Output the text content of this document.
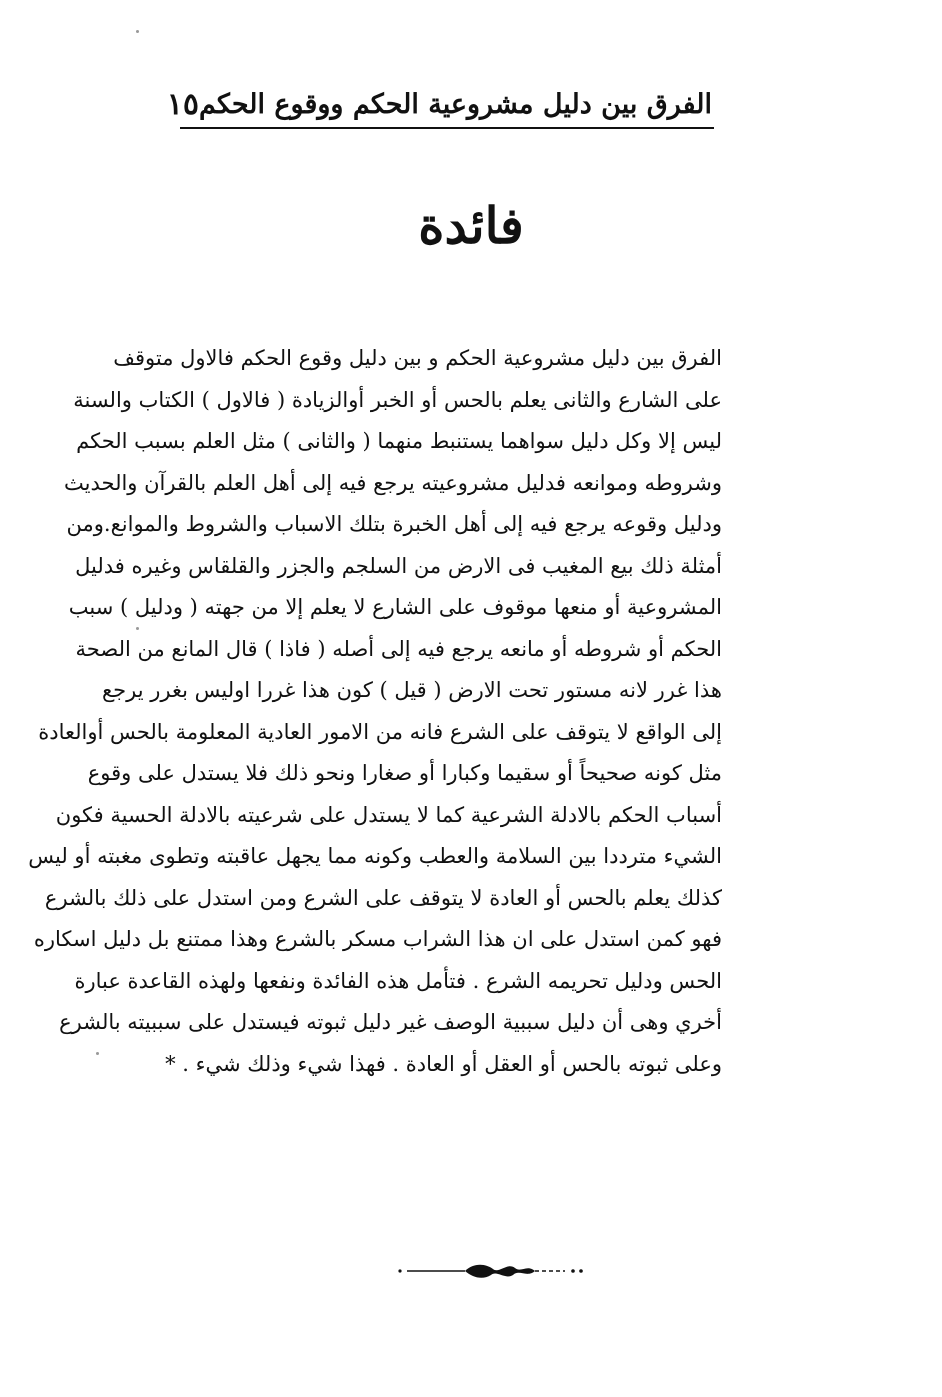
الفرق بين دليل مشروعية الحكم ووقوع الحكم
١٥
فائدة
الفرق بين دليل مشروعية الحكم و بين دليل وقوع الحكم فالاول متوقف
على الشارع والثانى يعلم بالحس أو الخبر أوالزيادة ( فالاول ) الكتاب والسنة
ليس إلا وكل دليل سواهما يستنبط منهما ( والثانى ) مثل العلم بسبب الحكم
وشروطه وموانعه فدليل مشروعيته يرجع فيه إلى أهل العلم بالقرآن والحديث
ودليل وقوعه يرجع فيه إلى أهل الخبرة بتلك الاسباب والشروط والموانع.ومن
أمثلة ذلك بيع المغيب فى الارض من السلجم والجزر والقلقاس وغيره فدليل
المشروعية أو منعها موقوف على الشارع لا يعلم إلا من جهته ( ودليل ) سبب
الحكم أو شروطه أو مانعه يرجع فيه إلى أصله ( فاذا ) قال المانع من الصحة
هذا غرر لانه مستور تحت الارض ( قيل ) كون هذا غررا اوليس بغرر يرجع
إلى الواقع لا يتوقف على الشرع فانه من الامور العادية المعلومة بالحس أوالعادة
مثل كونه صحيحاً أو سقيما وكبارا أو صغارا ونحو ذلك فلا يستدل على وقوع
أسباب الحكم بالادلة الشرعية كما لا يستدل على شرعيته بالادلة الحسية فكون
الشيء مترددا بين السلامة والعطب وكونه مما يجهل عاقبته وتطوى مغبته أو ليس
كذلك يعلم بالحس أو العادة لا يتوقف على الشرع ومن استدل على ذلك بالشرع
فهو كمن استدل على ان هذا الشراب مسكر بالشرع وهذا ممتنع بل دليل اسكاره
الحس ودليل تحريمه الشرع . فتأمل هذه الفائدة ونفعها ولهذه القاعدة عبارة
أخري وهى أن دليل سببية الوصف غير دليل ثبوته فيستدل على سببيته بالشرع
وعلى ثبوته بالحس أو العقل أو العادة . فهذا شيء وذلك شيء . *
